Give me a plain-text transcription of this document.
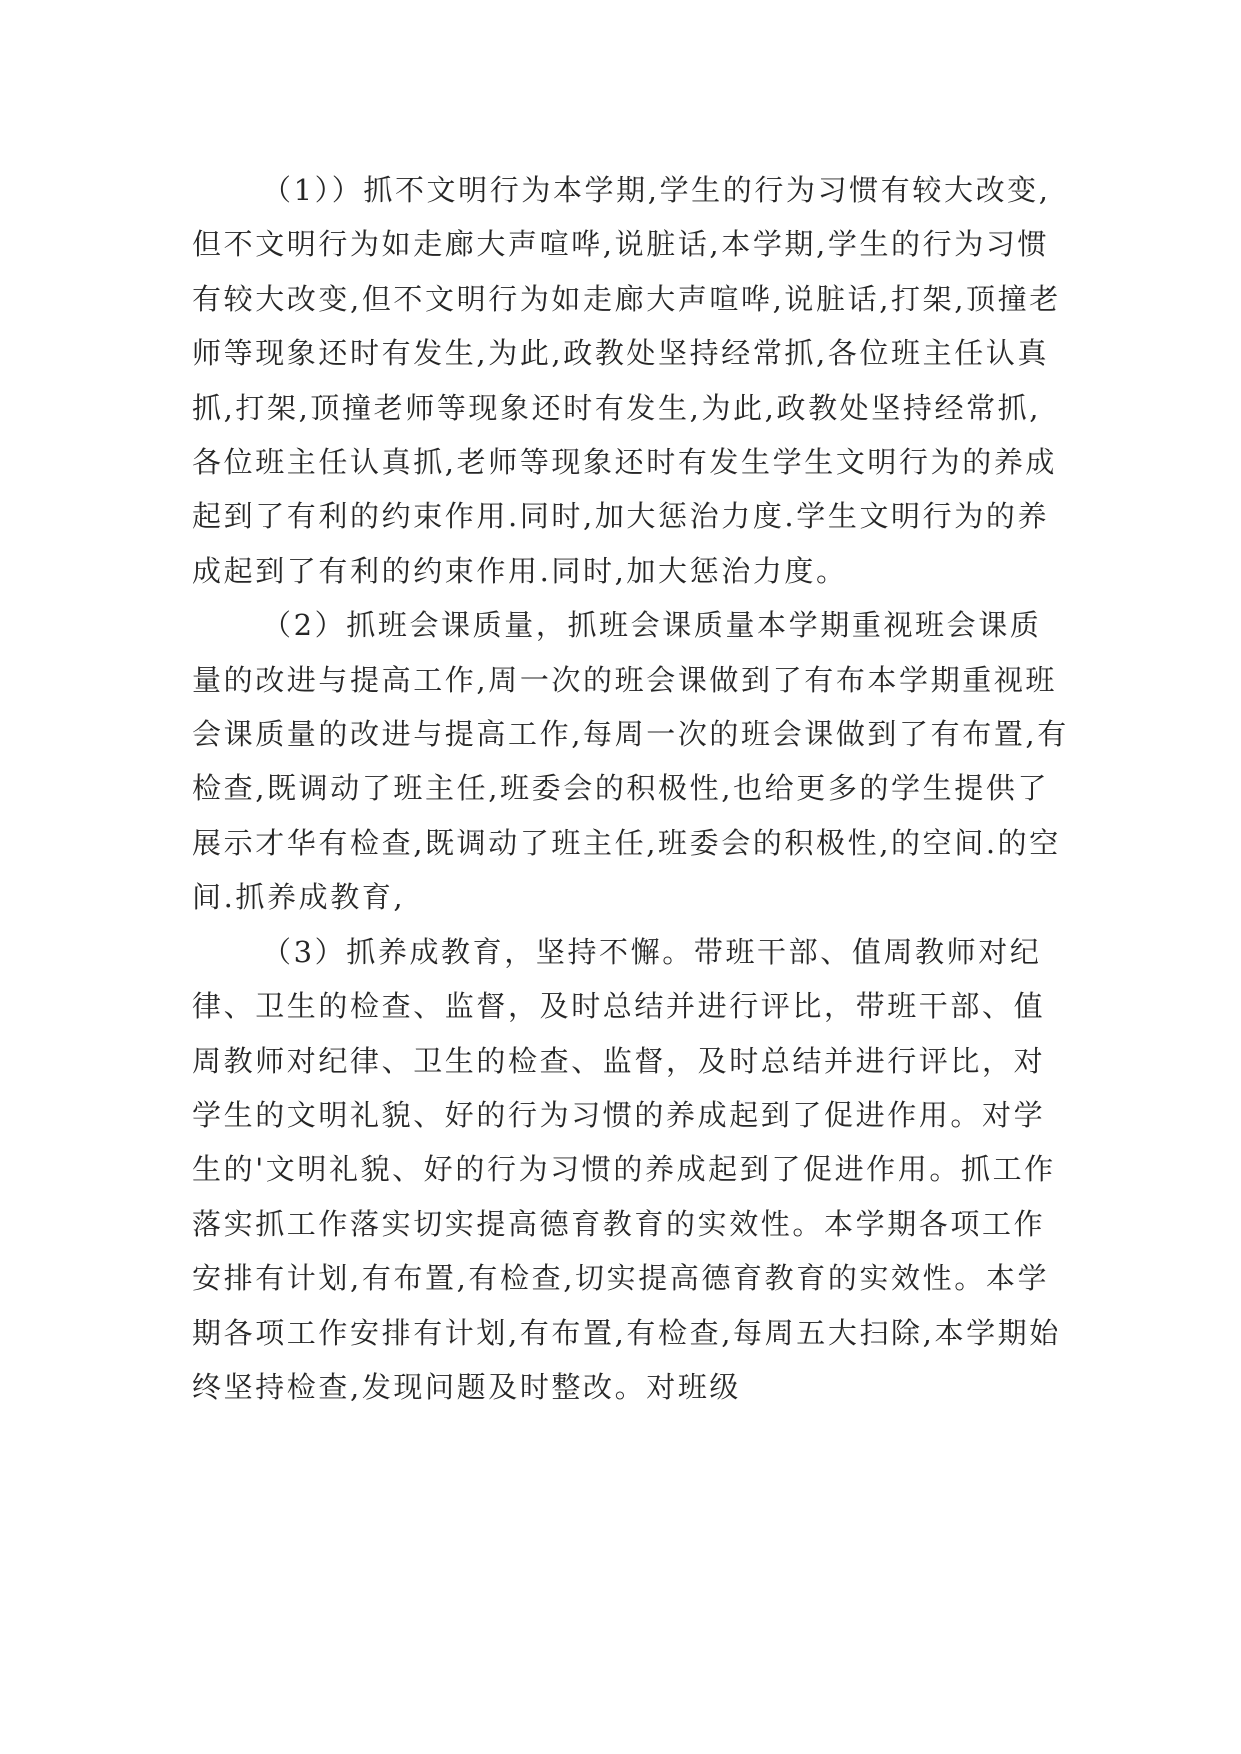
（1））抓不文明行为本学期,学生的行为习惯有较大改变,但不文明行为如走廊大声喧哗,说脏话,本学期,学生的行为习惯有较大改变,但不文明行为如走廊大声喧哗,说脏话,打架,顶撞老师等现象还时有发生,为此,政教处坚持经常抓,各位班主任认真抓,打架,顶撞老师等现象还时有发生,为此,政教处坚持经常抓,各位班主任认真抓,老师等现象还时有发生学生文明行为的养成起到了有利的约束作用.同时,加大惩治力度.学生文明行为的养成起到了有利的约束作用.同时,加大惩治力度。

（2）抓班会课质量，抓班会课质量本学期重视班会课质量的改进与提高工作,周一次的班会课做到了有布本学期重视班会课质量的改进与提高工作,每周一次的班会课做到了有布置,有检查,既调动了班主任,班委会的积极性,也给更多的学生提供了展示才华有检查,既调动了班主任,班委会的积极性,的空间.的空间.抓养成教育,

（3）抓养成教育，坚持不懈。带班干部、值周教师对纪律、卫生的检查、监督，及时总结并进行评比，带班干部、值周教师对纪律、卫生的检查、监督，及时总结并进行评比，对学生的文明礼貌、好的行为习惯的养成起到了促进作用。对学生的'文明礼貌、好的行为习惯的养成起到了促进作用。抓工作落实抓工作落实切实提高德育教育的实效性。本学期各项工作安排有计划,有布置,有检查,切实提高德育教育的实效性。本学期各项工作安排有计划,有布置,有检查,每周五大扫除,本学期始终坚持检查,发现问题及时整改。对班级
